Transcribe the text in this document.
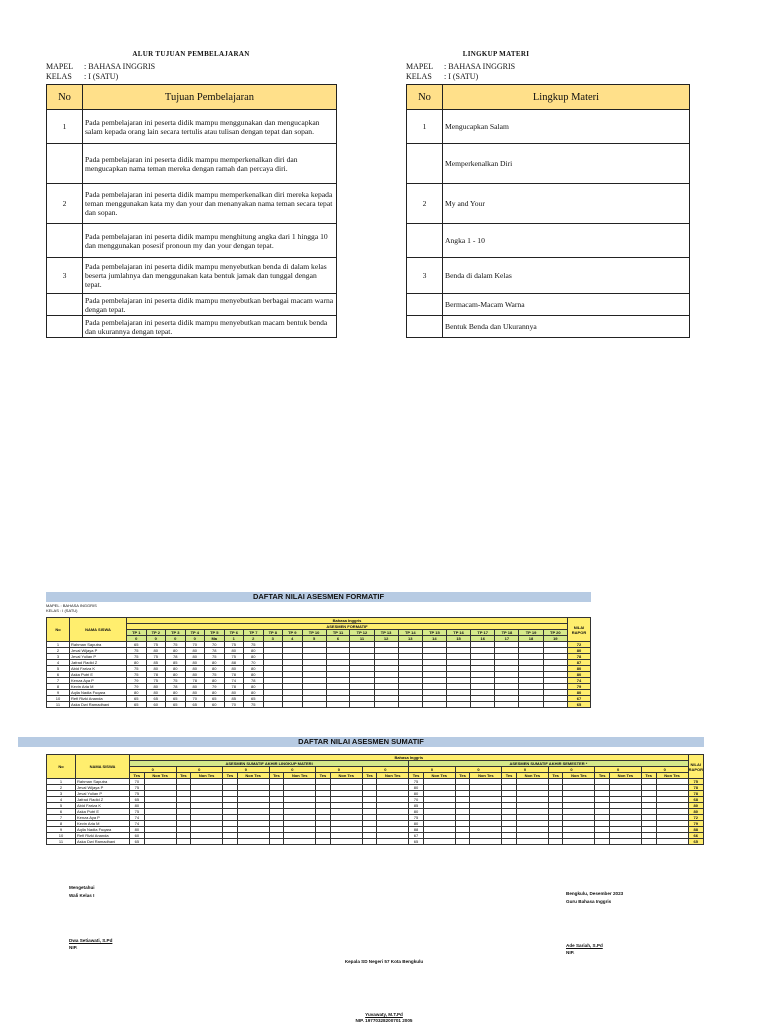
ALUR TUJUAN PEMBELAJARAN
MAPEL : BAHASA INGGRIS
KELAS : I (SATU)
No	Tujuan Pembelajaran
1	Pada pembelajaran ini peserta didik mampu menggunakan dan mengucapkan salam kepada orang lain secara tertulis atau tulisan dengan tepat dan sopan.
	Pada pembelajaran ini peserta didik mampu memperkenalkan diri dan mengucapkan nama teman mereka dengan ramah dan percaya diri.
2	Pada pembelajaran ini peserta didik mampu memperkenalkan diri mereka kepada teman menggunakan kata my dan your dan menanyakan nama teman secara tepat dan sopan.
	Pada pembelajaran ini peserta didik mampu menghitung angka dari 1 hingga 10 dan menggunakan posesif pronoun my dan your dengan tepat.
3	Pada pembelajaran ini peserta didik mampu menyebutkan benda di dalam kelas beserta jumlahnya dan menggunakan kata bentuk jamak dan tunggal dengan tepat.
	Pada pembelajaran ini peserta didik mampu menyebutkan berbagai macam warna dengan tepat.
	Pada pembelajaran ini peserta didik mampu menyebutkan macam bentuk benda dan ukurannya dengan tepat.
LINGKUP MATERI
MAPEL : BAHASA INGGRIS
KELAS : I (SATU)
No	Lingkup Materi
1	Mengucapkan Salam
	Memperkenalkan Diri
2	My and Your
	Angka 1 - 10
3	Benda di dalam Kelas
	Bermacam-Macam Warna
	Bentuk Benda dan Ukurannya
DAFTAR NILAI ASESMEN FORMATIF
MAPEL : BAHASA INGGRIS
KELAS : I (SATU)
No	NAMA SISWA	Bahasa Inggris																				NILAI RAPOR
		ASESMEN FORMATIF																				
		TP 1	TP 2	TP 3	TP 4	TP 5	TP 6	TP 7	TP 8	TP 9	TP 10	TP 11	TP 12	TP 13	TP 14	TP 15	TP 16	TP 17	TP 18	TP 19	TP 20	
		0	0	0	0	Ma	1	2	3	4	5	6	11	12	13	14	15	16	17	18	19	
1	Rahman Saputra	65	75	75	70	70	75	75														72
2	Jeval Wijaya P	75	80	80	80	78	80	80														80
3	Jeval Yulian P	75	75	78	80	75	75	80														78
4	Jafrad Radid Z	80	85	85	80	80	88	70														87
5	Abid Fariza K	75	80	80	80	80	80	80														80
6	Aska Putri E	75	78	80	80	75	78	80														80
7	Kenza Aya P	79	75	75	78	80	74	78														74
8	Kevin Aria M	79	80	78	80	79	78	80														79
9	Aqila Nadia Fuqara	80	80	80	80	80	80	80														80
10	Refi Rizki Ananda	65	65	65	70	65	85	65														67
11	Aska Dwi Ramadhani	65	60	65	65	60	70	75														65
DAFTAR NILAI ASESMEN SUMATIF
No	NAMA SISWA	Bahasa Inggris																								NILAI RAPOR
		ASESMEN SUMATIF AKHIR LINGKUP MATERI												ASESMEN SUMATIF AKHIR SEMESTER *												
		0		0		0		0		0		0		0		0		0		0		0		0		
		Tes	Non Tes	Tes	Non Tes	Tes	Non Tes	Tes	Non Tes	Tes	Non Tes	Tes	Non Tes	Tes	Non Tes	Tes	Non Tes	Tes	Non Tes	Tes	Non Tes	Tes	Non Tes	Tes	Non Tes	
1	Rahman Saputra	70												75												75
2	Jeval Wijaya P	75												80												78
3	Jeval Yulian P	75												80												78
4	Jafrad Radid Z	65												70												68
5	Abid Fariza K	80												85												80
6	Aska Putri E	75												80												80
7	Kenza Aya P	74												75												72
8	Kevin Aria M	74												80												79
9	Aqila Nadia Fuqara	80												88												88
10	Refi Rizki Ananda	60												67												66
11	Aska Dwi Ramadhani	65												65												65
Mengetahui
Wali Kelas I	Bengkulu, Desember 2023
Guru Bahasa Inggris
Dwa Setiawati, S.Pd
NIP.	Ade Sariah, S.Pd
NIP.
Kepala SD Negeri 57 Kota Bengkulu
Yuvawaty, M.T.Pd
NIP. 19770328200701 2005
